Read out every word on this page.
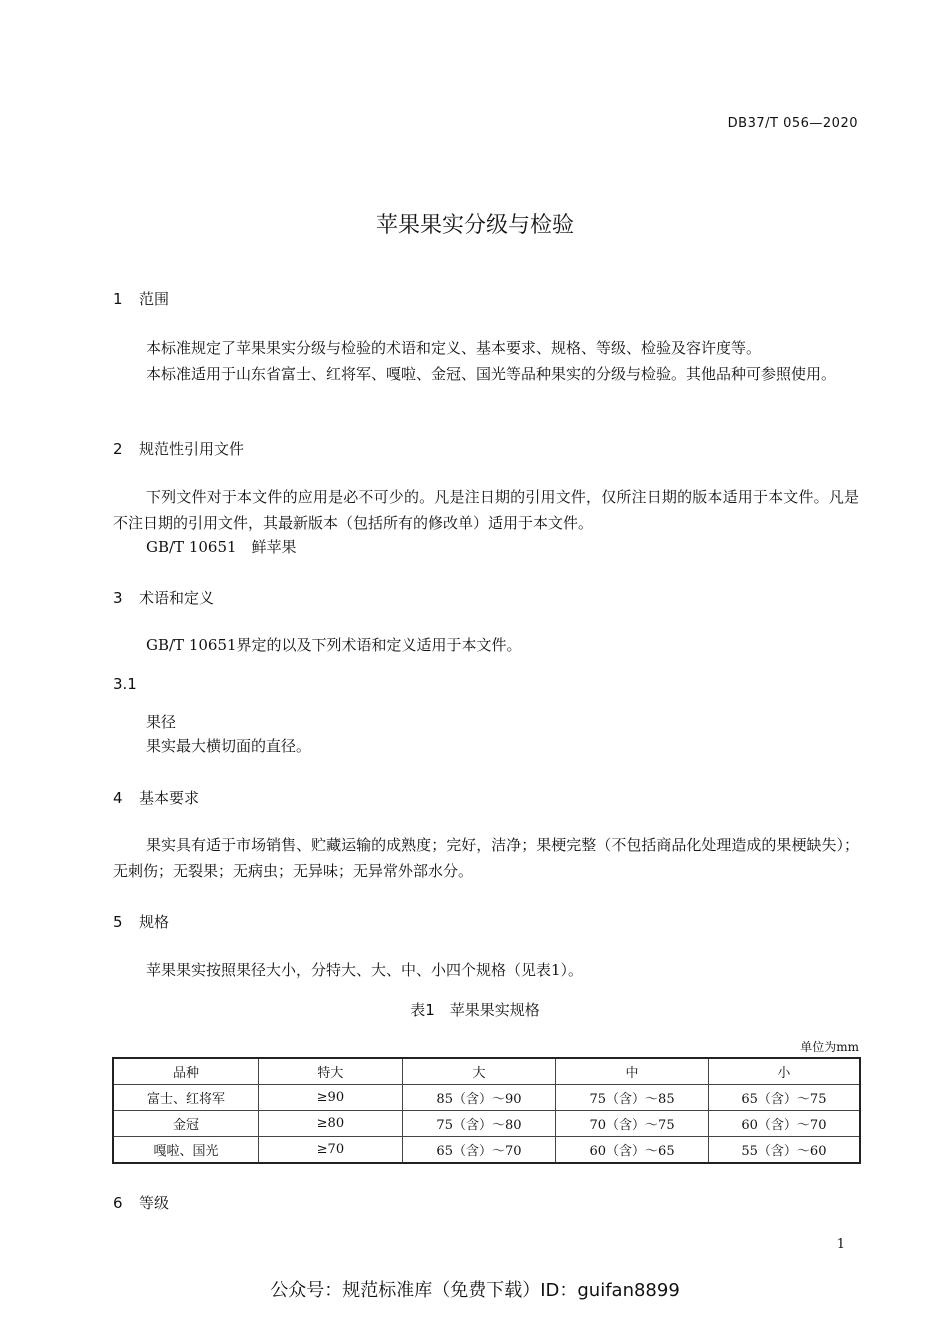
DB37/T 056—2020
苹果果实分级与检验
1 范围
本标准规定了苹果果实分级与检验的术语和定义、基本要求、规格、等级、检验及容许度等。
本标准适用于山东省富士、红将军、嘎啦、金冠、国光等品种果实的分级与检验。其他品种可参照使用。
2 规范性引用文件
下列文件对于本文件的应用是必不可少的。凡是注日期的引用文件，仅所注日期的版本适用于本文件。凡是不注日期的引用文件，其最新版本（包括所有的修改单）适用于本文件。
GB/T 10651　鲜苹果
3 术语和定义
GB/T 10651界定的以及下列术语和定义适用于本文件。
3.1
果径
果实最大横切面的直径。
4 基本要求
果实具有适于市场销售、贮藏运输的成熟度；完好，洁净；果梗完整（不包括商品化处理造成的果梗缺失）；无刺伤；无裂果；无病虫；无异味；无异常外部水分。
5 规格
苹果果实按照果径大小，分特大、大、中、小四个规格（见表1）。
表1　苹果果实规格
单位为mm
品种	特大	大	中	小
富士、红将军	≥90	85（含）～90	75（含）～85	65（含）～75
金冠	≥80	75（含）～80	70（含）～75	60（含）～70
嘎啦、国光	≥70	65（含）～70	60（含）～65	55（含）～60
6 等级
1
公众号：规范标准库（免费下载）ID：guifan8899
